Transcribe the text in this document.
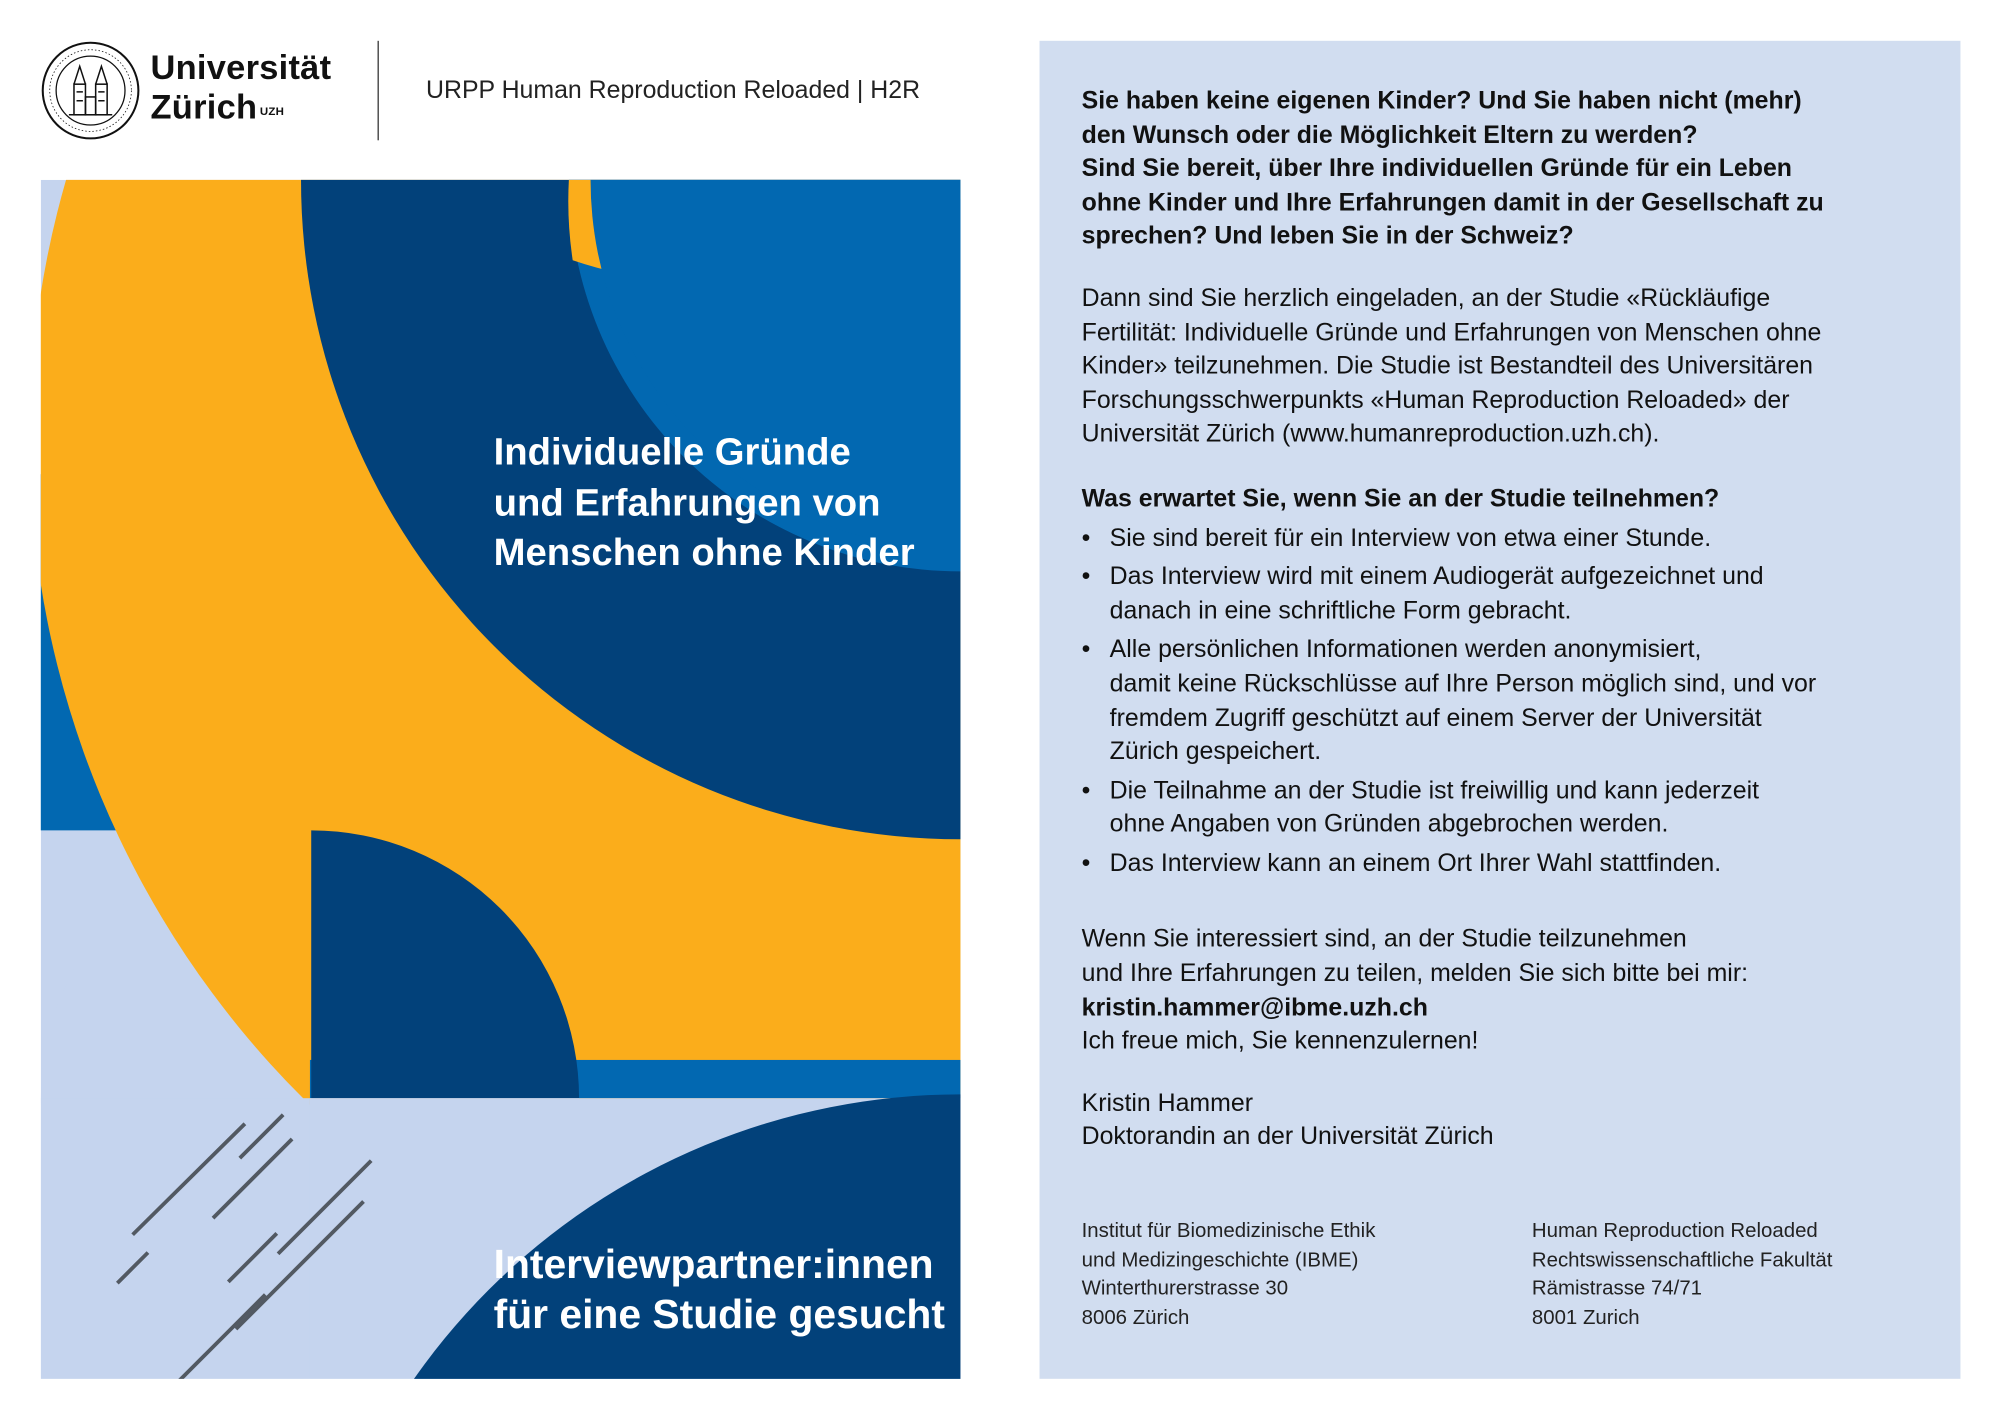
Universität
Zürich $^{UZH}$
URPP Human Reproduction Reloaded | H2R
Individuelle Gründe
und Erfahrungen von
Menschen ohne Kinder
Interviewpartner:innen
für eine Studie gesucht

Sie haben keine eigenen Kinder? Und Sie haben nicht (mehr)
den Wunsch oder die Möglichkeit Eltern zu werden?
Sind Sie bereit, über Ihre individuellen Gründe für ein Leben
ohne Kinder und Ihre Erfahrungen damit in der Gesellschaft zu
sprechen? Und leben Sie in der Schweiz?

Dann sind Sie herzlich eingeladen, an der Studie «Rückläufige
Fertilität: Individuelle Gründe und Erfahrungen von Menschen ohne
Kinder» teilzunehmen. Die Studie ist Bestandteil des Universitären
Forschungsschwerpunkts «Human Reproduction Reloaded» der
Universität Zürich (www.humanreproduction.uzh.ch).

Was erwartet Sie, wenn Sie an der Studie teilnehmen?
• Sie sind bereit für ein Interview von etwa einer Stunde.
• Das Interview wird mit einem Audiogerät aufgezeichnet und
danach in eine schriftliche Form gebracht.
• Alle persönlichen Informationen werden anonymisiert,
damit keine Rückschlüsse auf Ihre Person möglich sind, und vor
fremdem Zugriff geschützt auf einem Server der Universität
Zürich gespeichert.
• Die Teilnahme an der Studie ist freiwillig und kann jederzeit
ohne Angaben von Gründen abgebrochen werden.
• Das Interview kann an einem Ort Ihrer Wahl stattfinden.

Wenn Sie interessiert sind, an der Studie teilzunehmen
und Ihre Erfahrungen zu teilen, melden Sie sich bitte bei mir:
kristin.hammer@ibme.uzh.ch
Ich freue mich, Sie kennenzulernen!

Kristin Hammer
Doktorandin an der Universität Zürich

Institut für Biomedizinische Ethik
und Medizingeschichte (IBME)
Winterthurerstrasse 30
8006 Zürich
Human Reproduction Reloaded
Rechtswissenschaftliche Fakultät
Rämistrasse 74/71
8001 Zurich
